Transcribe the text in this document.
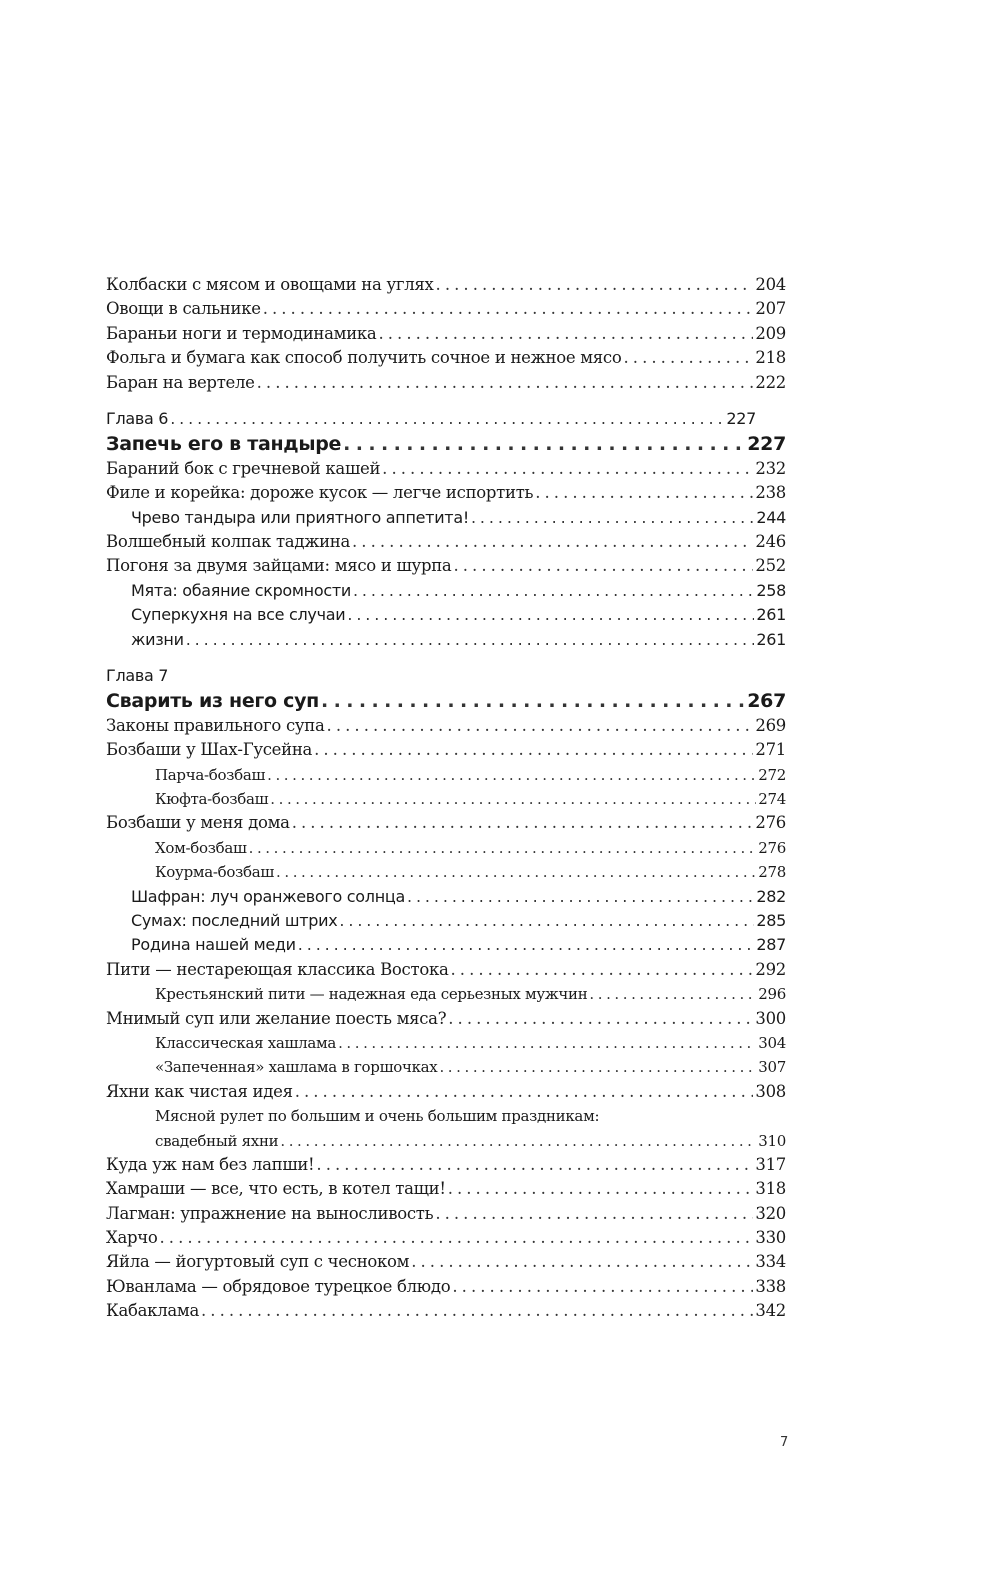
Колбаски с мясом и овощами на углях . . .	204
Овощи в сальнике . . .	207
Бараньи ноги и термодинамика . . .	209
Фольга и бумага как способ получить сочное и нежное мясо . . .	218
Баран на вертеле . . .	222
Глава 6 . . .	227
Запечь его в тандыре . . .	227
Бараний бок с гречневой кашей . . .	232
Филе и корейка: дороже кусок — легче испортить . . .	238
Чрево тандыра или приятного аппетита! . . .	244
Волшебный колпак таджина . . .	246
Погоня за двумя зайцами: мясо и шурпа . . .	252
Мята: обаяние скромности . . .	258
Суперкухня на все случаи . . .	261
жизни . . .	261
Глава 7
Сварить из него суп . . .	267
Законы правильного супа . . .	269
Бозбаши у Шах-Гусейна . . .	271
Парча-бозбаш . . .	272
Кюфта-бозбаш . . .	274
Бозбаши у меня дома . . .	276
Хом-бозбаш . . .	276
Коурма-бозбаш . . .	278
Шафран: луч оранжевого солнца . . .	282
Сумах: последний штрих . . .	285
Родина нашей меди . . .	287
Пити — нестареющая классика Востока . . .	292
Крестьянский пити — надежная еда серьезных мужчин . . .	296
Мнимый суп или желание поесть мяса? . . .	300
Классическая хашлама . . .	304
«Запеченная» хашлама в горшочках . . .	307
Яхни как чистая идея . . .	308
Мясной рулет по большим и очень большим праздникам:
свадебный яхни . . .	310
Куда уж нам без лапши! . . .	317
Хамраши — все, что есть, в котел тащи! . . .	318
Лагман: упражнение на выносливость . . .	320
Харчо . . .	330
Яйла — йогуртовый суп с чесноком . . .	334
Юванлама — обрядовое турецкое блюдо . . .	338
Кабаклама . . .	342
7
